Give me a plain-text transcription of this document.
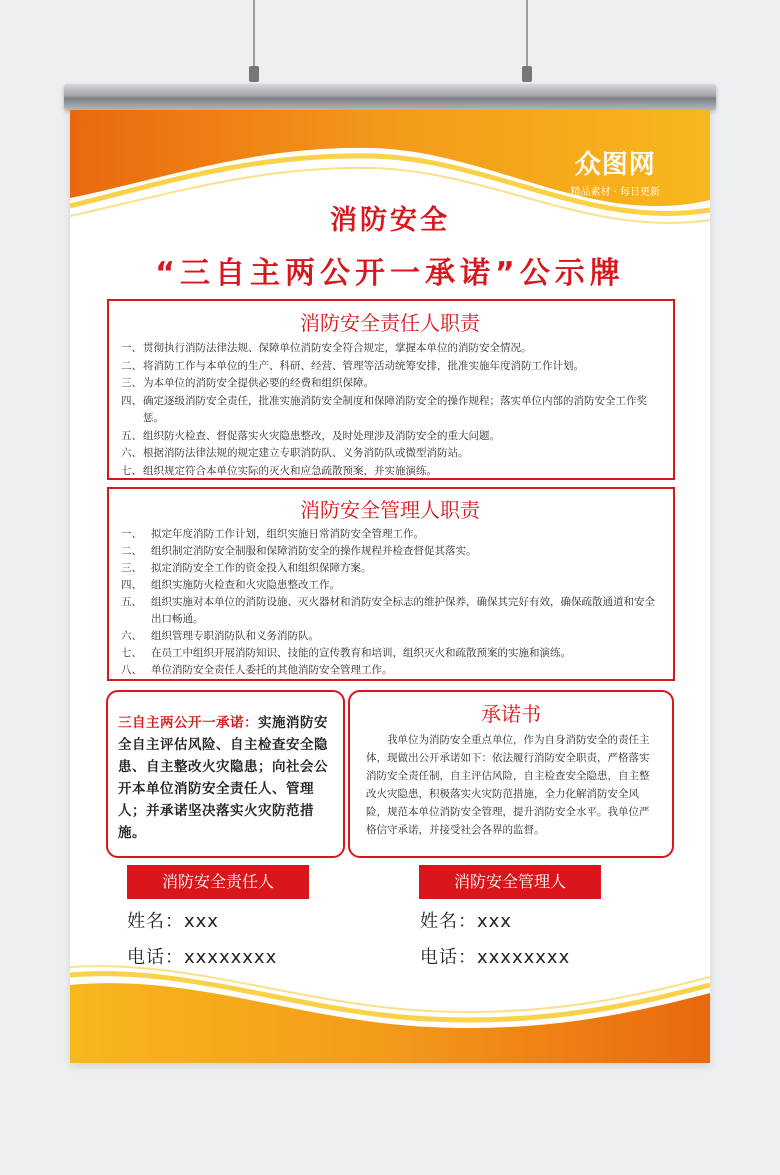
众图网
精品素材 · 每日更新
消防安全
“三自主两公开一承诺”公示牌
消防安全责任人职责
一、 贯彻执行消防法律法规、保障单位消防安全符合规定，掌握本单位的消防安全情况。
二、 将消防工作与本单位的生产、科研、经营、管理等活动统筹安排，批准实施年度消防工作计划。
三、 为本单位的消防安全提供必要的经费和组织保障。
四、 确定逐级消防安全责任，批准实施消防安全制度和保障消防安全的操作规程；落实单位内部的消防安全工作奖惩。
五、 组织防火检查、督促落实火灾隐患整改，及时处理涉及消防安全的重大问题。
六、 根据消防法律法规的规定建立专职消防队、义务消防队或微型消防站。
七、 组织规定符合本单位实际的灭火和应急疏散预案，并实施演练。
消防安全管理人职责
一、 拟定年度消防工作计划，组织实施日常消防安全管理工作。
二、 组织制定消防安全制服和保障消防安全的操作规程并检查督促其落实。
三、 拟定消防安全工作的资金投入和组织保障方案。
四、 组织实施防火检查和火灾隐患整改工作。
五、 组织实施对本单位的消防设施、灭火器材和消防安全标志的维护保养，确保其完好有效，确保疏散通道和安全出口畅通。
六、 组织管理专职消防队和义务消防队。
七、 在员工中组织开展消防知识、技能的宣传教育和培训，组织灭火和疏散预案的实施和演练。
八、 单位消防安全责任人委托的其他消防安全管理工作。
三自主两公开一承诺：实施消防安全自主评估风险、自主检查安全隐患、自主整改火灾隐患；向社会公开本单位消防安全责任人、管理人；并承诺坚决落实火灾防范措施。
承诺书
我单位为消防安全重点单位，作为自身消防安全的责任主体，现做出公开承诺如下：依法履行消防安全职责，严格落实消防安全责任制，自主评估风险，自主检查安全隐患，自主整改火灾隐患，积极落实火灾防范措施，全力化解消防安全风险，规范本单位消防安全管理，提升消防安全水平。我单位严格信守承诺，并接受社会各界的监督。
消防安全责任人	消防安全管理人
姓名：xxx
电话：xxxxxxxx
姓名：xxx
电话：xxxxxxxx
